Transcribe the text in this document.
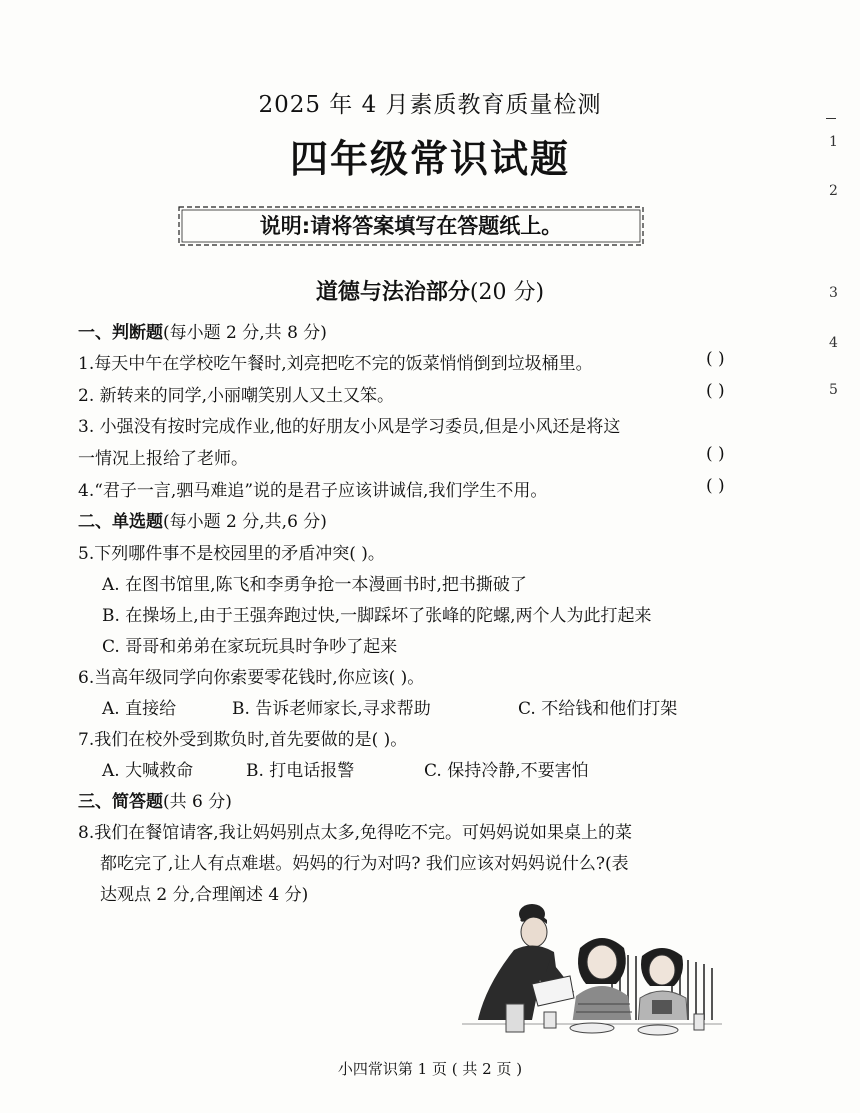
2025 年 4 月素质教育质量检测
四年级常识试题
说明:请将答案填写在答题纸上。
道德与法治部分(20 分)
一、判断题(每小题 2 分,共 8 分)
1.每天中午在学校吃午餐时,刘亮把吃不完的饭菜悄悄倒到垃圾桶里。	( )
2. 新转来的同学,小丽嘲笑别人又土又笨。	( )
3. 小强没有按时完成作业,他的好朋友小风是学习委员,但是小风还是将这
一情况上报给了老师。	( )
4.“君子一言,驷马难追”说的是君子应该讲诚信,我们学生不用。	( )
二、单选题(每小题 2 分,共,6 分)
5.下列哪件事不是校园里的矛盾冲突( )。
A. 在图书馆里,陈飞和李勇争抢一本漫画书时,把书撕破了
B. 在操场上,由于王强奔跑过快,一脚踩坏了张峰的陀螺,两个人为此打起来
C. 哥哥和弟弟在家玩玩具时争吵了起来
6.当高年级同学向你索要零花钱时,你应该( )。
A. 直接给	B. 告诉老师家长,寻求帮助	C. 不给钱和他们打架
7.我们在校外受到欺负时,首先要做的是( )。
A. 大喊救命	B. 打电话报警	C. 保持冷静,不要害怕
三、简答题(共 6 分)
8.我们在餐馆请客,我让妈妈别点太多,免得吃不完。可妈妈说如果桌上的菜
都吃完了,让人有点难堪。妈妈的行为对吗? 我们应该对妈妈说什么?(表
达观点 2 分,合理阐述 4 分)
1
2
3
4
5
小四常识第 1 页 ( 共 2 页 )
